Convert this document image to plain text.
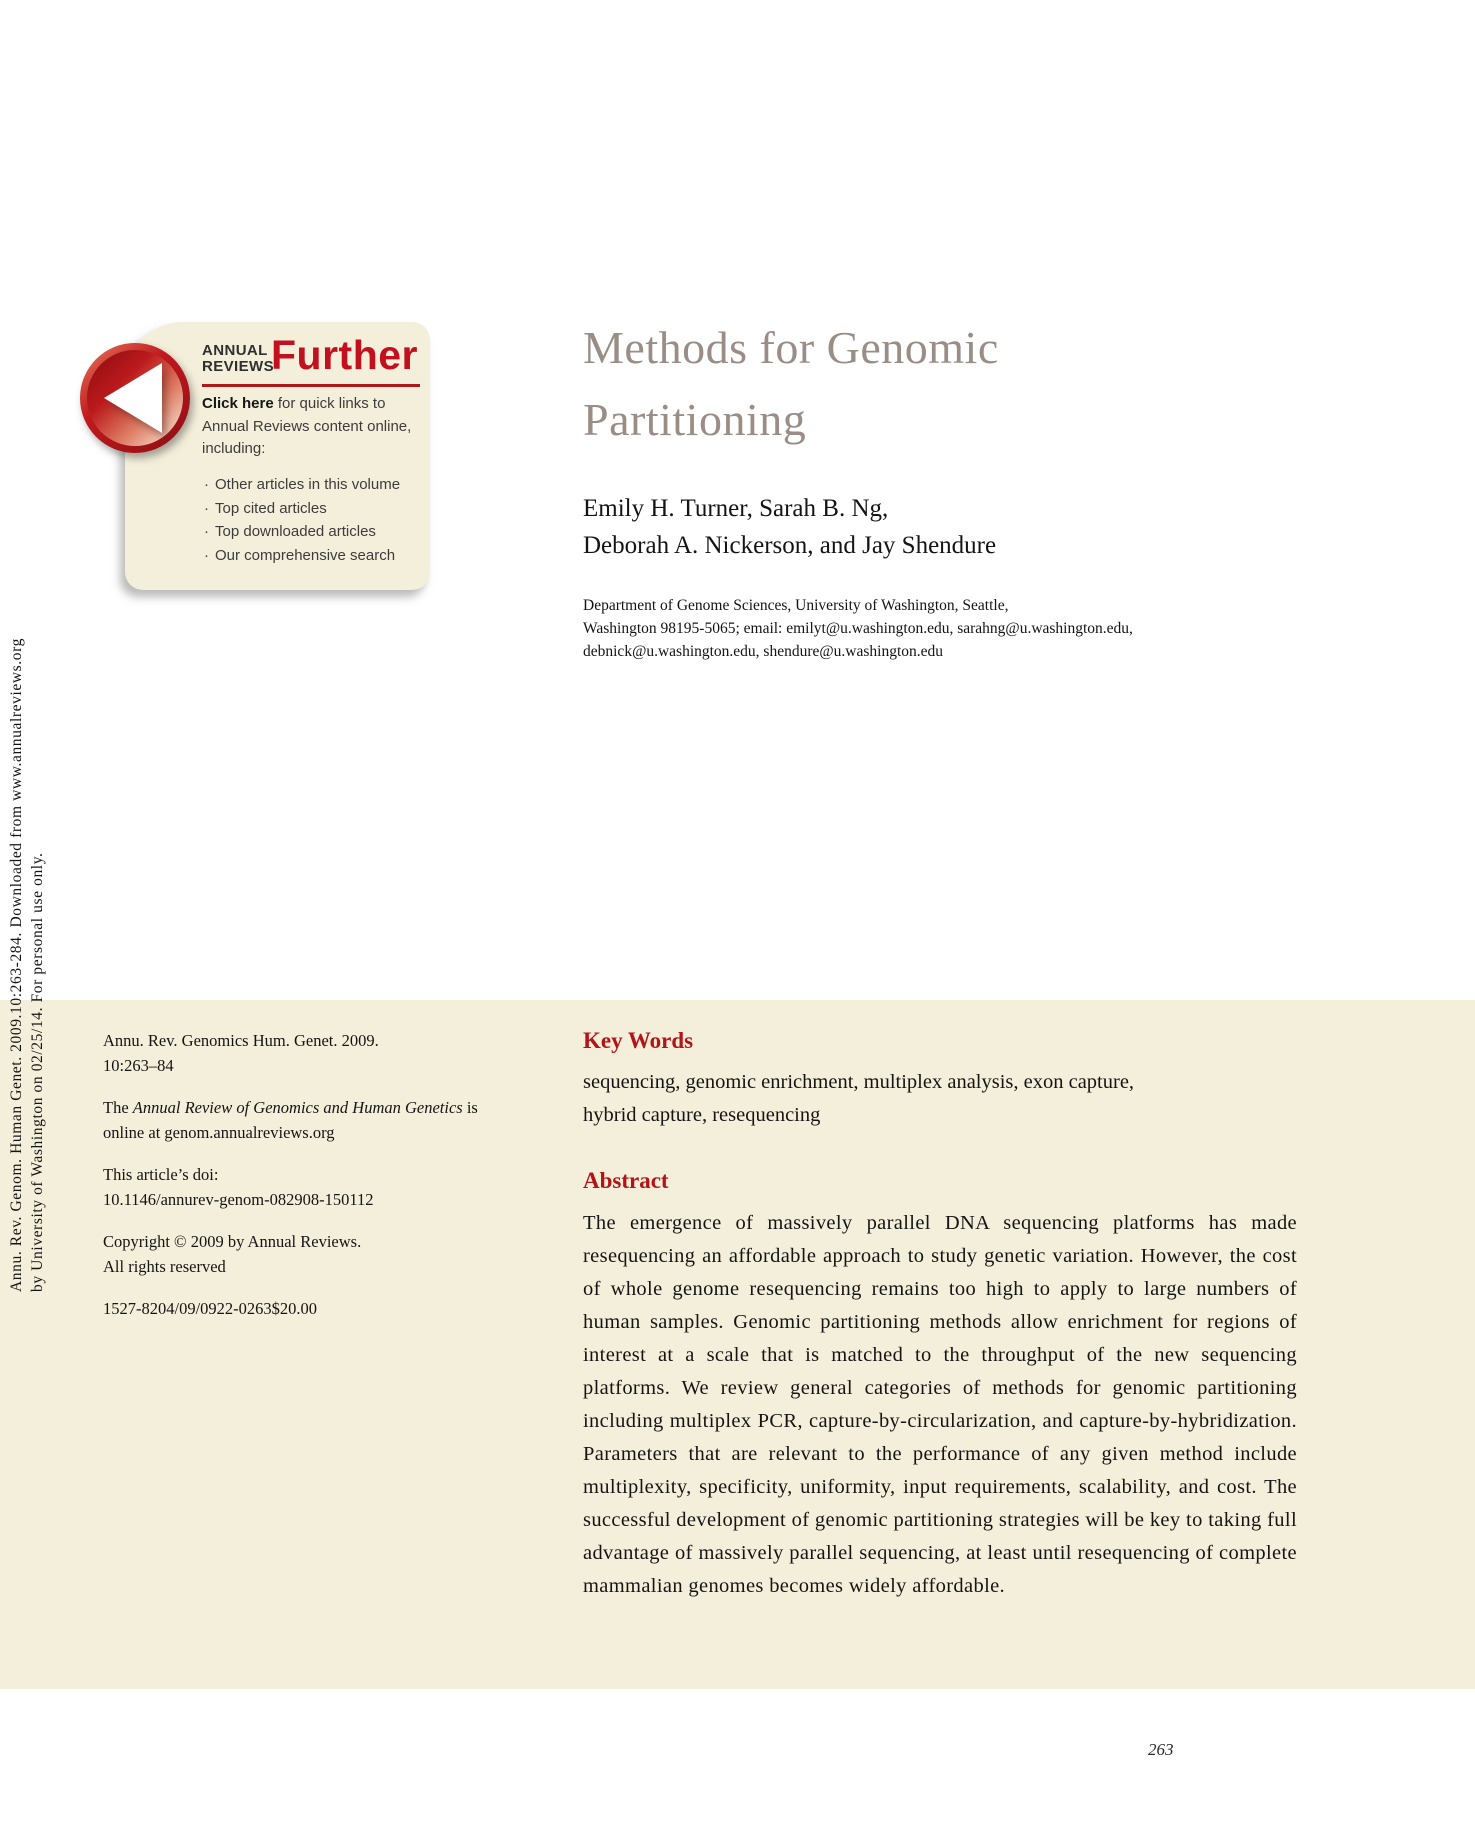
Annu. Rev. Genomics Hum. Genet. 2009.
10:263–84

The Annual Review of Genomics and Human Genetics is online at genom.annualreviews.org

This article’s doi:
10.1146/annurev-genom-082908-150112

Copyright © 2009 by Annual Reviews.
All rights reserved

1527-8204/09/0922-0263$20.00

Key Words

sequencing, genomic enrichment, multiplex analysis, exon capture,
hybrid capture, resequencing

Abstract

The emergence of massively parallel DNA sequencing platforms has made resequencing an affordable approach to study genetic variation. However, the cost of whole genome resequencing remains too high to apply to large numbers of human samples. Genomic partitioning methods allow enrichment for regions of interest at a scale that is matched to the throughput of the new sequencing platforms. We review general categories of methods for genomic partitioning including multiplex PCR, capture-by-circularization, and capture-by-hybridization. Parameters that are relevant to the performance of any given method include multiplexity, specificity, uniformity, input requirements, scalability, and cost. The successful development of genomic partitioning strategies will be key to taking full advantage of massively parallel sequencing, at least until resequencing of complete mammalian genomes becomes widely affordable.

Annu. Rev. Genom. Human Genet. 2009.10:263-284. Downloaded from www.annualreviews.org by University of Washington on 02/25/14. For personal use only.
ANNUAL
REVIEWS
Further

Click here for quick links to Annual Reviews content online, including:

· Other articles in this volume
· Top cited articles
· Top downloaded articles
· Our comprehensive search
Methods for Genomic
Partitioning
Emily H. Turner, Sarah B. Ng,
Deborah A. Nickerson, and Jay Shendure
Department of Genome Sciences, University of Washington, Seattle,
Washington 98195-5065; email: emilyt@u.washington.edu, sarahng@u.washington.edu,
debnick@u.washington.edu, shendure@u.washington.edu
263
